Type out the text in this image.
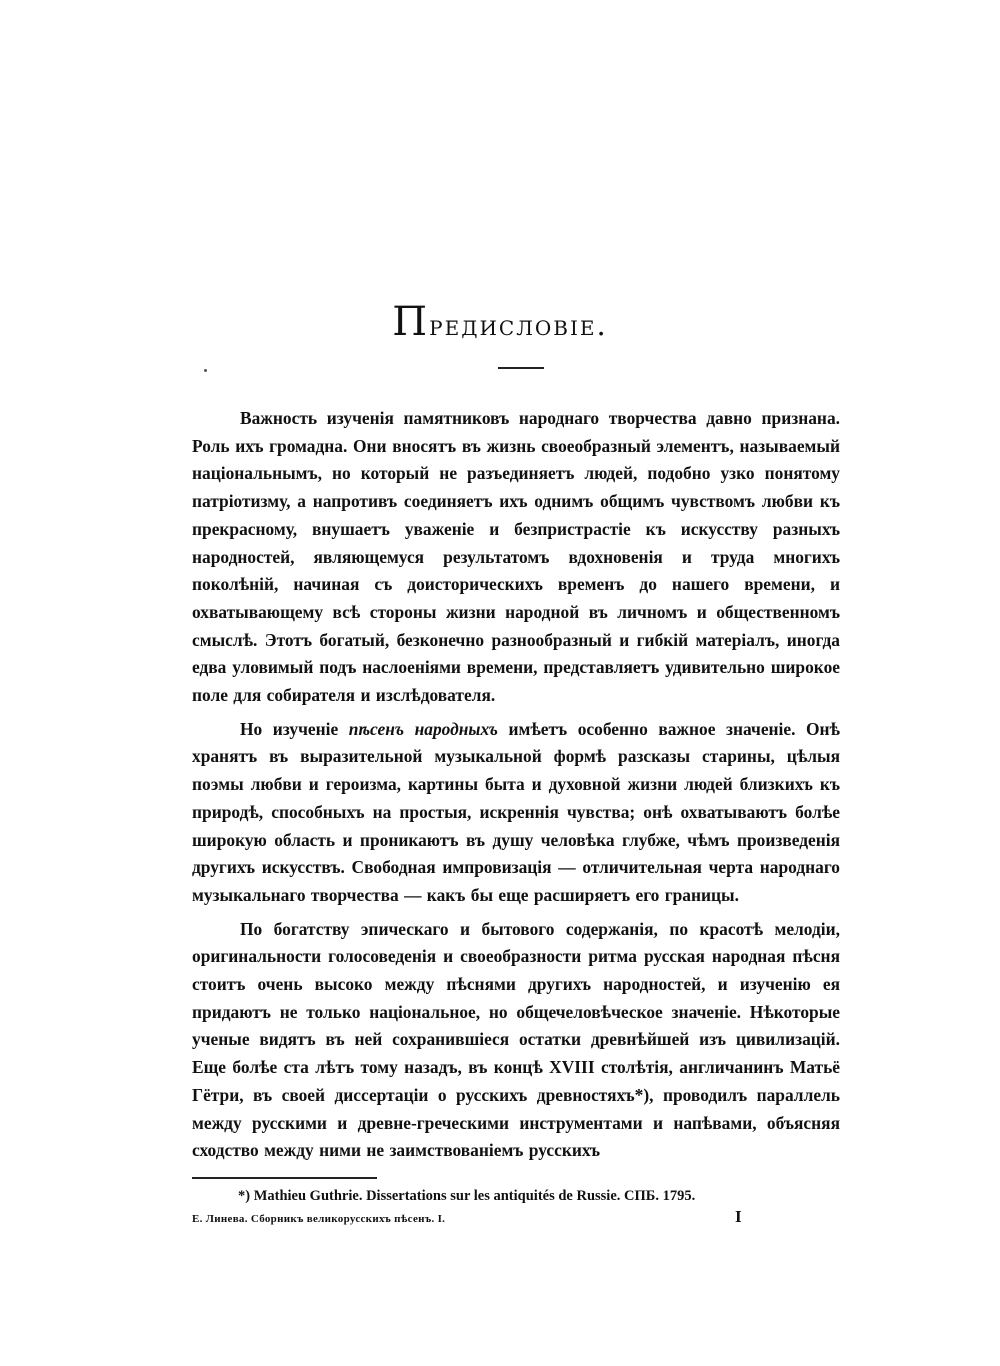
Предисловіе.

Важность изученія памятниковъ народнаго творчества давно признана. Роль ихъ громадна. Они вносятъ въ жизнь своеобразный элементъ, называемый національнымъ, но который не разъединяетъ людей, подобно узко понятому патріотизму, а напротивъ соединяетъ ихъ однимъ общимъ чувствомъ любви къ прекрасному, внушаетъ уваженіе и безпристрастіе къ искусству разныхъ народностей, являющемуся результатомъ вдохновенія и труда многихъ поколѣній, начиная съ доисторическихъ временъ до нашего времени, и охватывающему всѣ стороны жизни народной въ личномъ и общественномъ смыслѣ. Этотъ богатый, безконечно разнообразный и гибкій матеріалъ, иногда едва уловимый подъ наслоеніями времени, представляетъ удивительно широкое поле для собирателя и изслѣдователя.

Но изученіе пѣсенъ народныхъ имѣетъ особенно важное значеніе. Онѣ хранятъ въ выразительной музыкальной формѣ разсказы старины, цѣлыя поэмы любви и героизма, картины быта и духовной жизни людей близкихъ къ природѣ, способныхъ на простыя, искреннія чувства; онѣ охватываютъ болѣе широкую область и проникаютъ въ душу человѣка глубже, чѣмъ произведенія другихъ искусствъ. Свободная импровизація — отличительная черта народнаго музыкальнаго творчества — какъ бы еще расширяетъ его границы.

По богатству эпическаго и бытового содержанія, по красотѣ мелодіи, оригинальности голосоведенія и своеобразности ритма русская народная пѣсня стоитъ очень высоко между пѣснями другихъ народностей, и изученію ея придаютъ не только національное, но общечеловѣческое значеніе. Нѣкоторые ученые видятъ въ ней сохранившіеся остатки древнѣйшей изъ цивилизацій. Еще болѣе ста лѣтъ тому назадъ, въ концѣ XVIII столѣтія, англичанинъ Матьё Гётри, въ своей диссертаціи о русскихъ древностяхъ*), проводилъ параллель между русскими и древне-греческими инструментами и напѣвами, объясняя сходство между ними не заимствованіемъ русскихъ

*) Mathieu Guthrie. Dissertations sur les antiquités de Russie. СПБ. 1795.
Е. Линева. Сборникъ великорусскихъ пѣсенъ. I.	I
